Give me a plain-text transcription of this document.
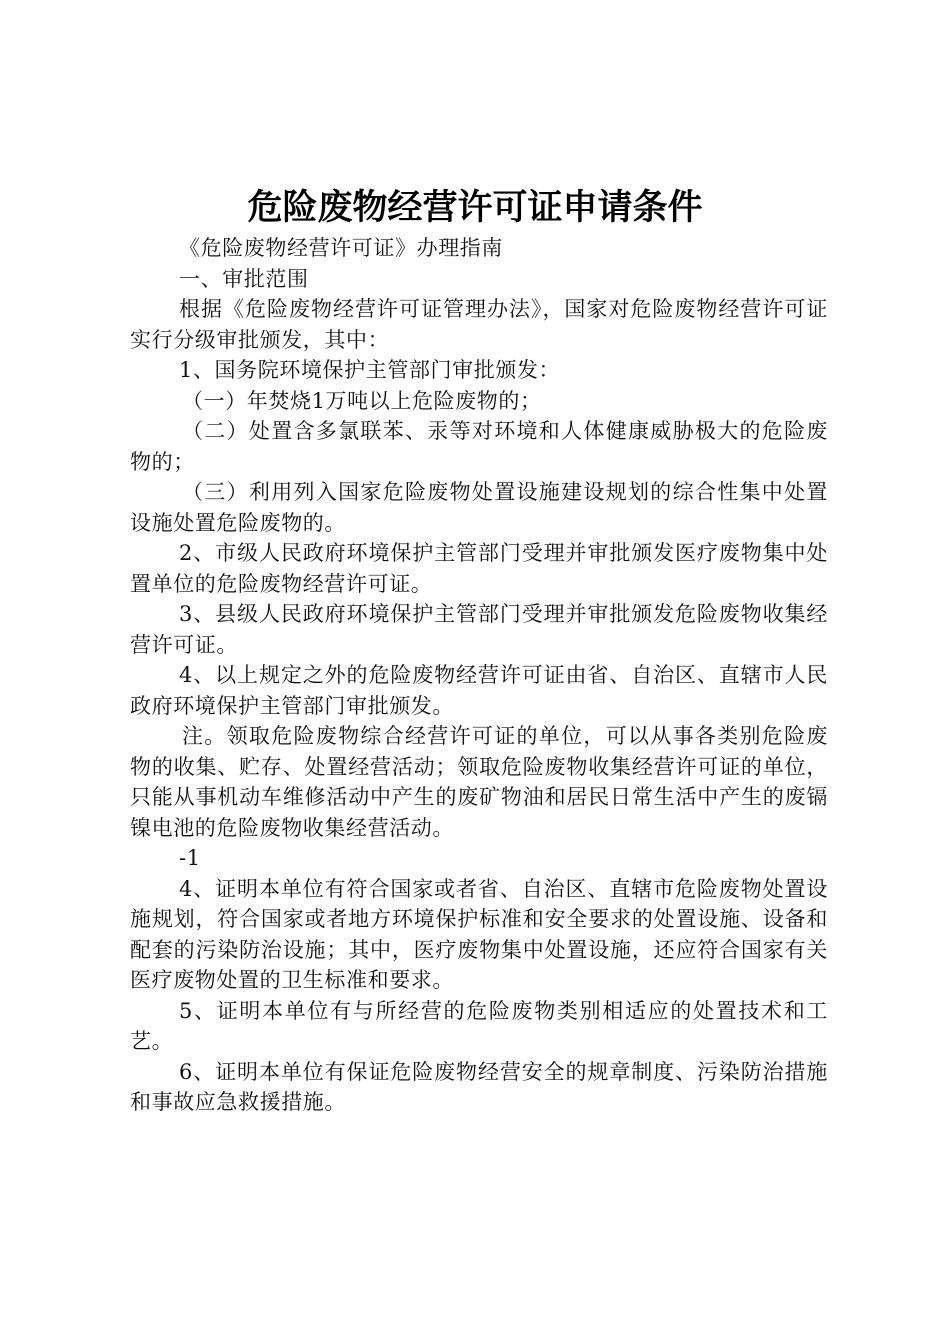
危险废物经营许可证申请条件

《危险废物经营许可证》办理指南

一、审批范围

根据《危险废物经营许可证管理办法》，国家对危险废物经营许可证实行分级审批颁发，其中：

1、国务院环境保护主管部门审批颁发：

（一）年焚烧1万吨以上危险废物的；

（二）处置含多氯联苯、汞等对环境和人体健康威胁极大的危险废物的；

（三）利用列入国家危险废物处置设施建设规划的综合性集中处置设施处置危险废物的。

2、市级人民政府环境保护主管部门受理并审批颁发医疗废物集中处置单位的危险废物经营许可证。

3、县级人民政府环境保护主管部门受理并审批颁发危险废物收集经营许可证。

4、以上规定之外的危险废物经营许可证由省、自治区、直辖市人民政府环境保护主管部门审批颁发。

注。领取危险废物综合经营许可证的单位，可以从事各类别危险废物的收集、贮存、处置经营活动；领取危险废物收集经营许可证的单位，只能从事机动车维修活动中产生的废矿物油和居民日常生活中产生的废镉镍电池的危险废物收集经营活动。

-1

4、证明本单位有符合国家或者省、自治区、直辖市危险废物处置设施规划，符合国家或者地方环境保护标准和安全要求的处置设施、设备和配套的污染防治设施；其中，医疗废物集中处置设施，还应符合国家有关医疗废物处置的卫生标准和要求。

5、证明本单位有与所经营的危险废物类别相适应的处置技术和工艺。

6、证明本单位有保证危险废物经营安全的规章制度、污染防治措施和事故应急救援措施。
